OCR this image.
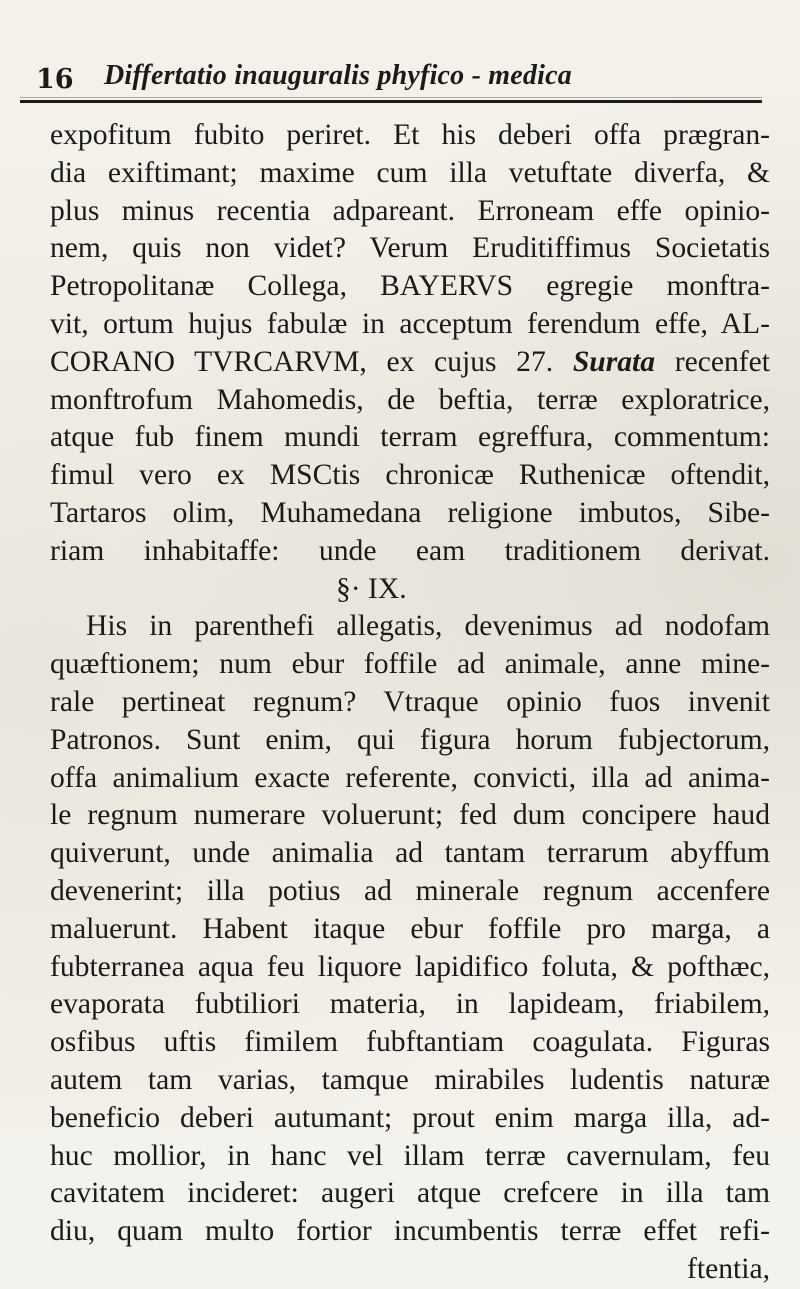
16 Differtatio inauguralis phyfico - medica
expofitum fubito periret. Et his deberi offa prægran-
dia exiftimant; maxime cum illa vetuftate diverfa, &
plus minus recentia adpareant. Erroneam effe opinio-
nem, quis non videt? Verum Eruditiffimus Societatis
Petropolitanæ Collega, BAYERVS egregie monftra-
vit, ortum hujus fabulæ in acceptum ferendum effe, AL-
CORANO TVRCARVM, ex cujus 27. Surata recenfet
monftrofum Mahomedis, de beftia, terræ exploratrice,
atque fub finem mundi terram egreffura, commentum:
fimul vero ex MSCtis chronicæ Ruthenicæ oftendit,
Tartaros olim, Muhamedana religione imbutos, Sibe-
riam inhabitaffe: unde eam traditionem derivat.
§· IX.
His in parenthefi allegatis, devenimus ad nodofam
quæftionem; num ebur foffile ad animale, anne mine-
rale pertineat regnum? Vtraque opinio fuos invenit
Patronos. Sunt enim, qui figura horum fubjectorum,
offa animalium exacte referente, convicti, illa ad anima-
le regnum numerare voluerunt; fed dum concipere haud
quiverunt, unde animalia ad tantam terrarum abyffum
devenerint; illa potius ad minerale regnum accenfere
maluerunt. Habent itaque ebur foffile pro marga, a
fubterranea aqua feu liquore lapidifico foluta, & pofthæc,
evaporata fubtiliori materia, in lapideam, friabilem,
osfibus uftis fimilem fubftantiam coagulata. Figuras
autem tam varias, tamque mirabiles ludentis naturæ
beneficio deberi autumant; prout enim marga illa, ad-
huc mollior, in hanc vel illam terræ cavernulam, feu
cavitatem incideret: augeri atque crefcere in illa tam
diu, quam multo fortior incumbentis terræ effet refi-
ftentia,
